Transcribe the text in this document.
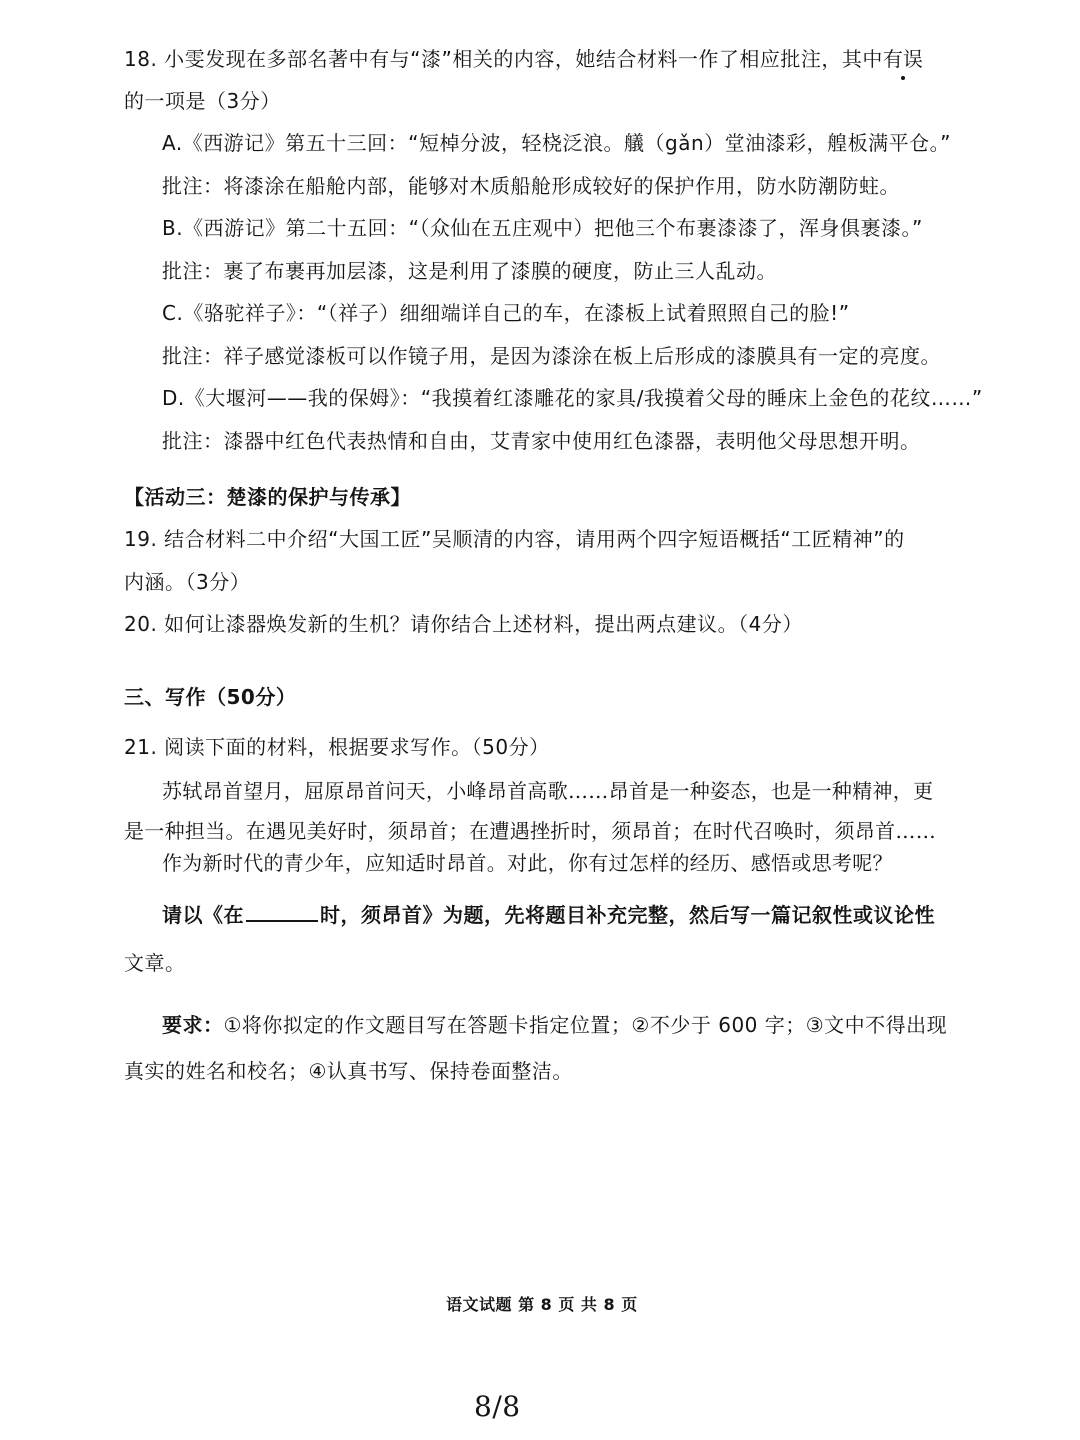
18. 小雯发现在多部名著中有与“漆”相关的内容，她结合材料一作了相应批注，其中有误
的一项是（3分）
A.《西游记》第五十三回：“短棹分波，轻桡泛浪。艤（gǎn）堂油漆彩，艎板满平仓。”
批注：将漆涂在船舱内部，能够对木质船舱形成较好的保护作用，防水防潮防蛀。
B.《西游记》第二十五回：“（众仙在五庄观中）把他三个布裹漆漆了，浑身俱裹漆。”
批注：裹了布裹再加层漆，这是利用了漆膜的硬度，防止三人乱动。
C.《骆驼祥子》：“（祥子）细细端详自己的车，在漆板上试着照照自己的脸!”
批注：祥子感觉漆板可以作镜子用，是因为漆涂在板上后形成的漆膜具有一定的亮度。
D.《大堰河——我的保姆》：“我摸着红漆雕花的家具/我摸着父母的睡床上金色的花纹……”
批注：漆器中红色代表热情和自由，艾青家中使用红色漆器，表明他父母思想开明。
【活动三：楚漆的保护与传承】
19. 结合材料二中介绍“大国工匠”吴顺清的内容，请用两个四字短语概括“工匠精神”的
内涵。（3分）
20. 如何让漆器焕发新的生机？请你结合上述材料，提出两点建议。（4分）
三、写作（50分）
21. 阅读下面的材料，根据要求写作。（50分）
苏轼昂首望月，屈原昂首问天，小峰昂首高歌……昂首是一种姿态，也是一种精神，更
是一种担当。在遇见美好时，须昂首；在遭遇挫折时，须昂首；在时代召唤时，须昂首……
作为新时代的青少年，应知适时昂首。对此，你有过怎样的经历、感悟或思考呢？
请以《在	时，须昂首》为题，先将题目补充完整，然后写一篇记叙性或议论性
文章。
要求：①将你拟定的作文题目写在答题卡指定位置；②不少于 600 字；③文中不得出现
真实的姓名和校名；④认真书写、保持卷面整洁。
语文试题 第 8 页 共 8 页
8/8
